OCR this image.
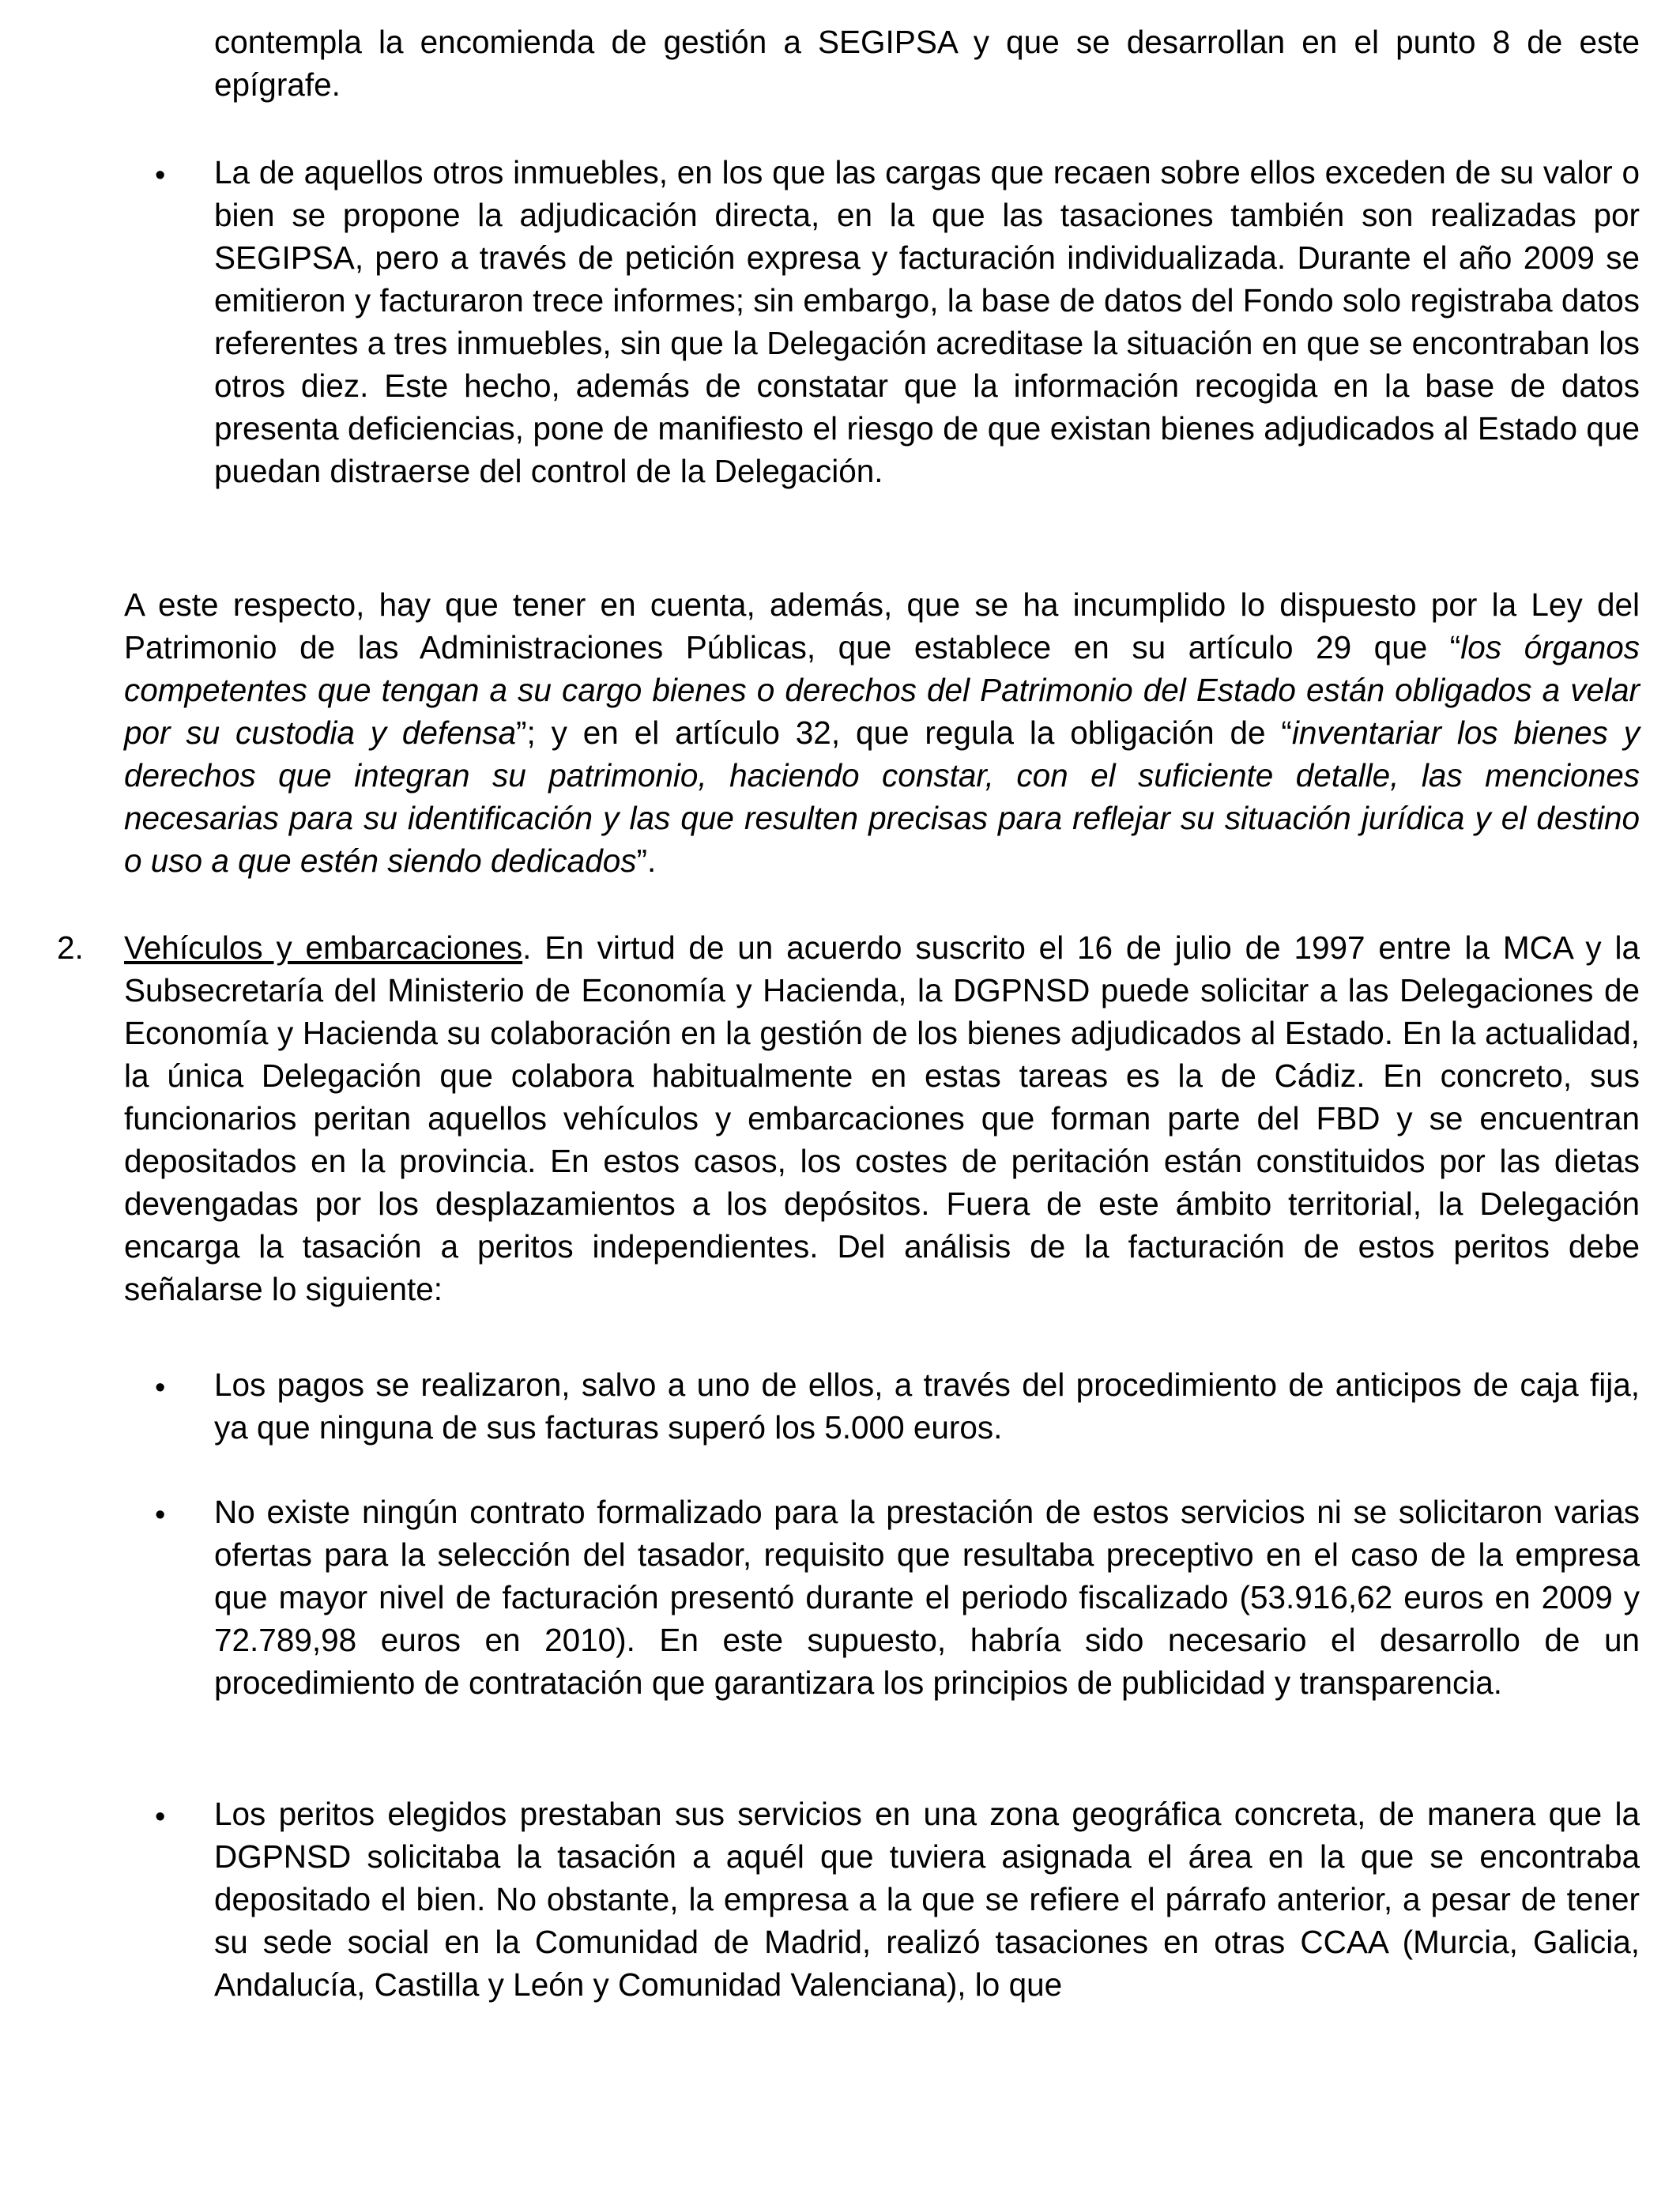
contempla la encomienda de gestión a SEGIPSA y que se desarrollan en el punto 8 de este epígrafe.

• La de aquellos otros inmuebles, en los que las cargas que recaen sobre ellos exceden de su valor o bien se propone la adjudicación directa, en la que las tasaciones también son realizadas por SEGIPSA, pero a través de petición expresa y facturación individualizada. Durante el año 2009 se emitieron y facturaron trece informes; sin embargo, la base de datos del Fondo solo registraba datos referentes a tres inmuebles, sin que la Delegación acreditase la situación en que se encontraban los otros diez. Este hecho, además de constatar que la información recogida en la base de datos presenta deficiencias, pone de manifiesto el riesgo de que existan bienes adjudicados al Estado que puedan distraerse del control de la Delegación.

A este respecto, hay que tener en cuenta, además, que se ha incumplido lo dispuesto por la Ley del Patrimonio de las Administraciones Públicas, que establece en su artículo 29 que “los órganos competentes que tengan a su cargo bienes o derechos del Patrimonio del Estado están obligados a velar por su custodia y defensa”; y en el artículo 32, que regula la obligación de “inventariar los bienes y derechos que integran su patrimonio, haciendo constar, con el suficiente detalle, las menciones necesarias para su identificación y las que resulten precisas para reflejar su situación jurídica y el destino o uso a que estén siendo dedicados”.

2.	Vehículos y embarcaciones. En virtud de un acuerdo suscrito el 16 de julio de 1997 entre la MCA y la Subsecretaría del Ministerio de Economía y Hacienda, la DGPNSD puede solicitar a las Delegaciones de Economía y Hacienda su colaboración en la gestión de los bienes adjudicados al Estado. En la actualidad, la única Delegación que colabora habitualmente en estas tareas es la de Cádiz. En concreto, sus funcionarios peritan aquellos vehículos y embarcaciones que forman parte del FBD y se encuentran depositados en la provincia. En estos casos, los costes de peritación están constituidos por las dietas devengadas por los desplazamientos a los depósitos. Fuera de este ámbito territorial, la Delegación encarga la tasación a peritos independientes. Del análisis de la facturación de estos peritos debe señalarse lo siguiente:

• Los pagos se realizaron, salvo a uno de ellos, a través del procedimiento de anticipos de caja fija, ya que ninguna de sus facturas superó los 5.000 euros.

• No existe ningún contrato formalizado para la prestación de estos servicios ni se solicitaron varias ofertas para la selección del tasador, requisito que resultaba preceptivo en el caso de la empresa que mayor nivel de facturación presentó durante el periodo fiscalizado (53.916,62 euros en 2009 y 72.789,98 euros en 2010). En este supuesto, habría sido necesario el desarrollo de un procedimiento de contratación que garantizara los principios de publicidad y transparencia.

• Los peritos elegidos prestaban sus servicios en una zona geográfica concreta, de manera que la DGPNSD solicitaba la tasación a aquél que tuviera asignada el área en la que se encontraba depositado el bien. No obstante, la empresa a la que se refiere el párrafo anterior, a pesar de tener su sede social en la Comunidad de Madrid, realizó tasaciones en otras CCAA (Murcia, Galicia, Andalucía, Castilla y León y Comunidad Valenciana), lo que
